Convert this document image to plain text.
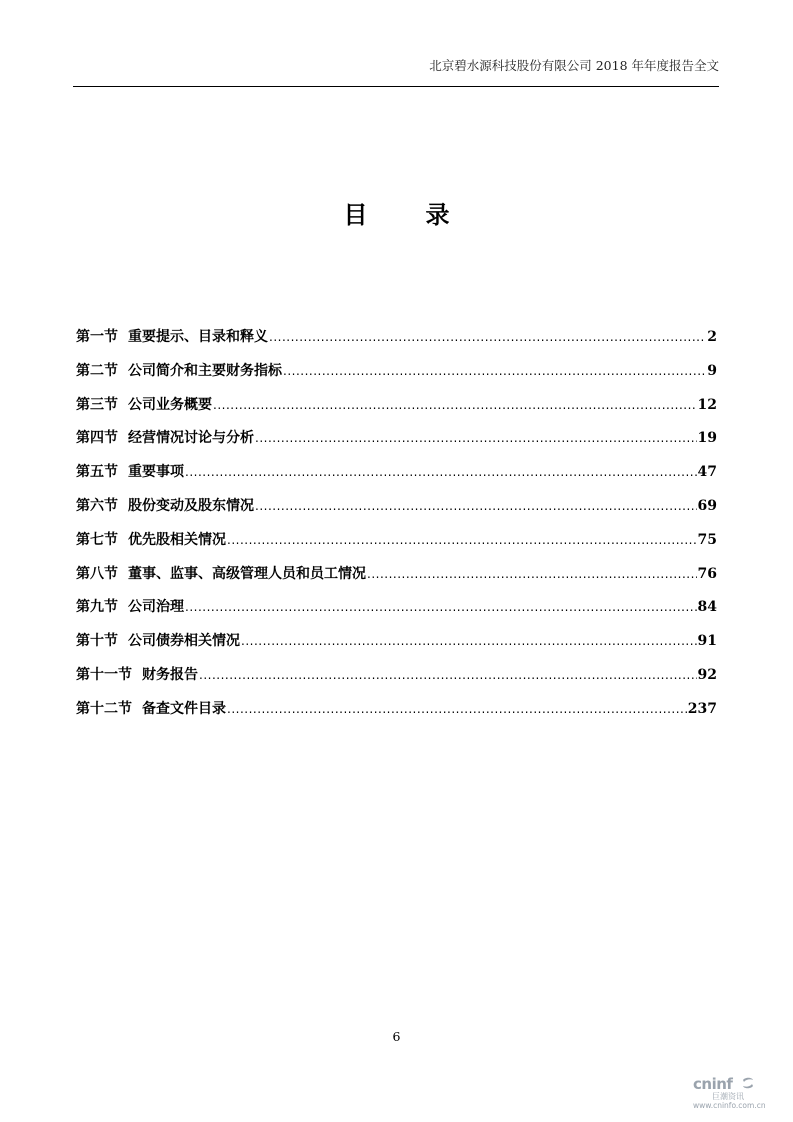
北京碧水源科技股份有限公司 2018 年年度报告全文
目 录
第一节 重要提示、目录和释义 .....	2
第二节 公司简介和主要财务指标 .....	9
第三节 公司业务概要 .....	12
第四节 经营情况讨论与分析 .....	19
第五节 重要事项 .....	47
第六节 股份变动及股东情况 .....	69
第七节 优先股相关情况 .....	75
第八节 董事、监事、高级管理人员和员工情况 .....	76
第九节 公司治理 .....	84
第十节 公司债券相关情况 .....	91
第十一节 财务报告 .....	92
第十二节 备查文件目录 .....	237
6
cninf
巨潮资讯
www.cninfo.com.cn
